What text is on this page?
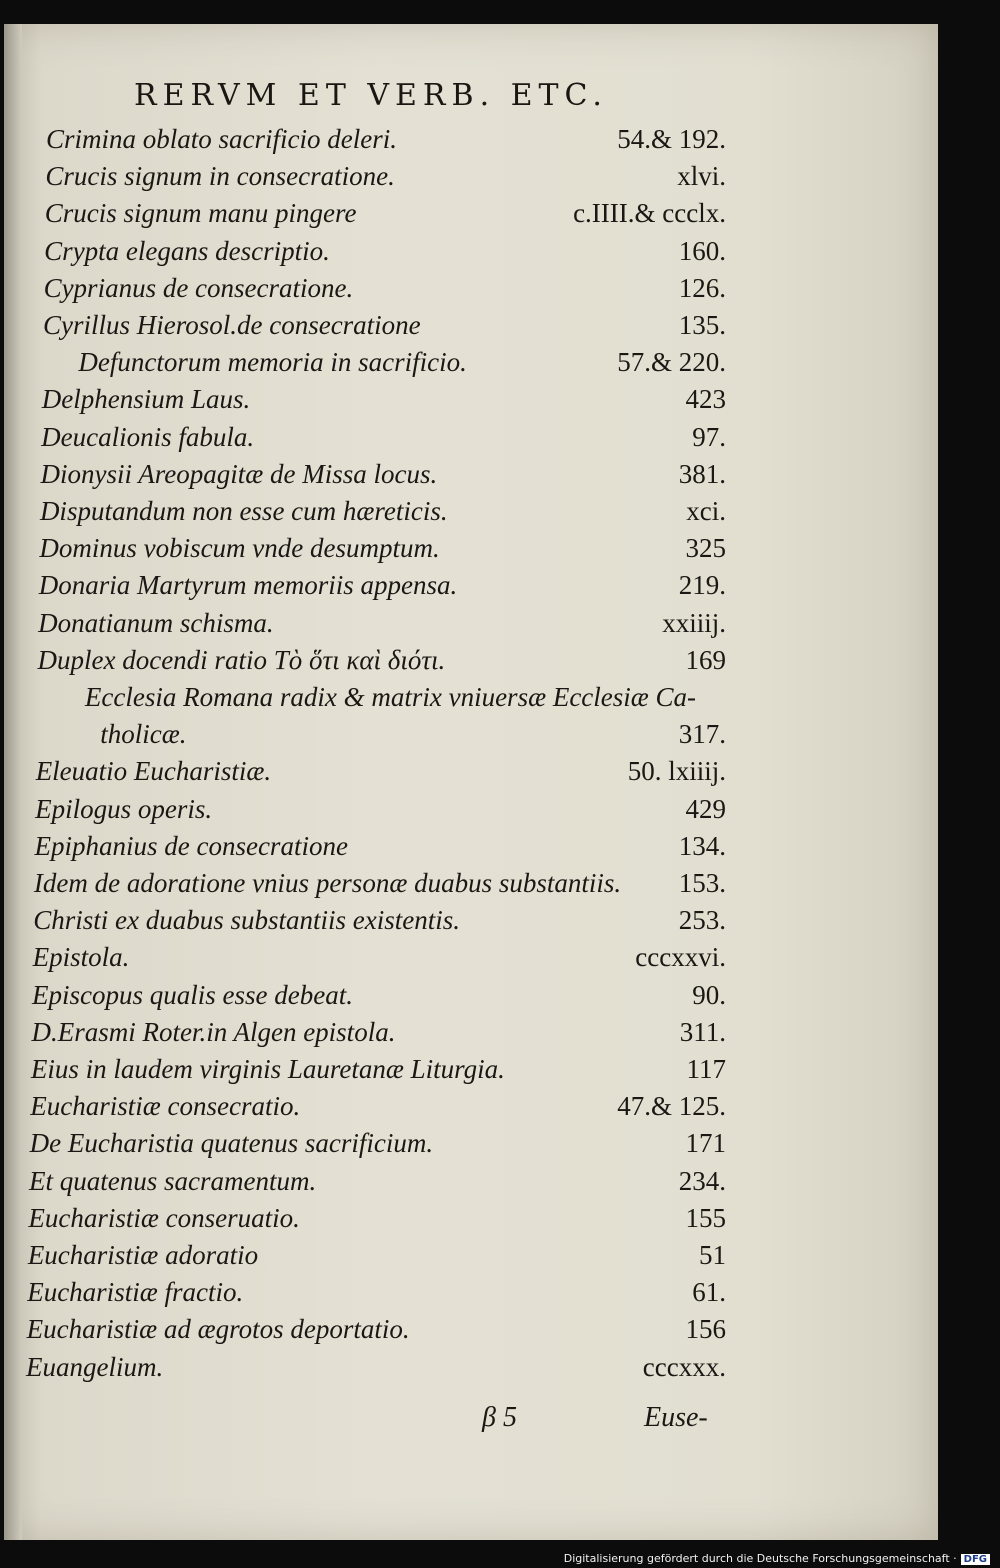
RERVM ET VERB. ETC.
Crimina oblato sacrificio deleri.	54.& 192.
Crucis signum in consecratione.	xlvi.
Crucis signum manu pingere	c.IIII.& ccclx.
Crypta elegans descriptio.	160.
Cyprianus de consecratione.	126.
Cyrillus Hierosol.de consecratione	135.
Defunctorum memoria in sacrificio.	57.& 220.
Delphensium Laus.	423
Deucalionis fabula.	97.
Dionysii Areopagitæ de Missa locus.	381.
Disputandum non esse cum hæreticis.	xci.
Dominus vobiscum vnde desumptum.	325
Donaria Martyrum memoriis appensa.	219.
Donatianum schisma.	xxiiij.
Duplex docendi ratio Τὸ ὅτι καὶ διότι.	169
Ecclesia Romana radix & matrix vniuersæ Ecclesiæ Ca-
tholicæ.	317.
Eleuatio Eucharistiæ.	50. lxiiij.
Epilogus operis.	429
Epiphanius de consecratione	134.
Idem de adoratione vnius personæ duabus substantiis. 153.
Christi ex duabus substantiis existentis.	253.
Epistola.	cccxxvi.
Episcopus qualis esse debeat.	90.
D.Erasmi Roter.in Algen epistola.	311.
Eius in laudem virginis Lauretanæ Liturgia.	117
Eucharistiæ consecratio.	47.& 125.
De Eucharistia quatenus sacrificium.	171
Et quatenus sacramentum.	234.
Eucharistiæ conseruatio.	155
Eucharistiæ adoratio	51
Eucharistiæ fractio.	61.
Eucharistiæ ad ægrotos deportatio.	156
Euangelium.	cccxxx.
β 5	Euse-
Digitalisierung gefördert durch die Deutsche Forschungsgemeinschaft · DFG
